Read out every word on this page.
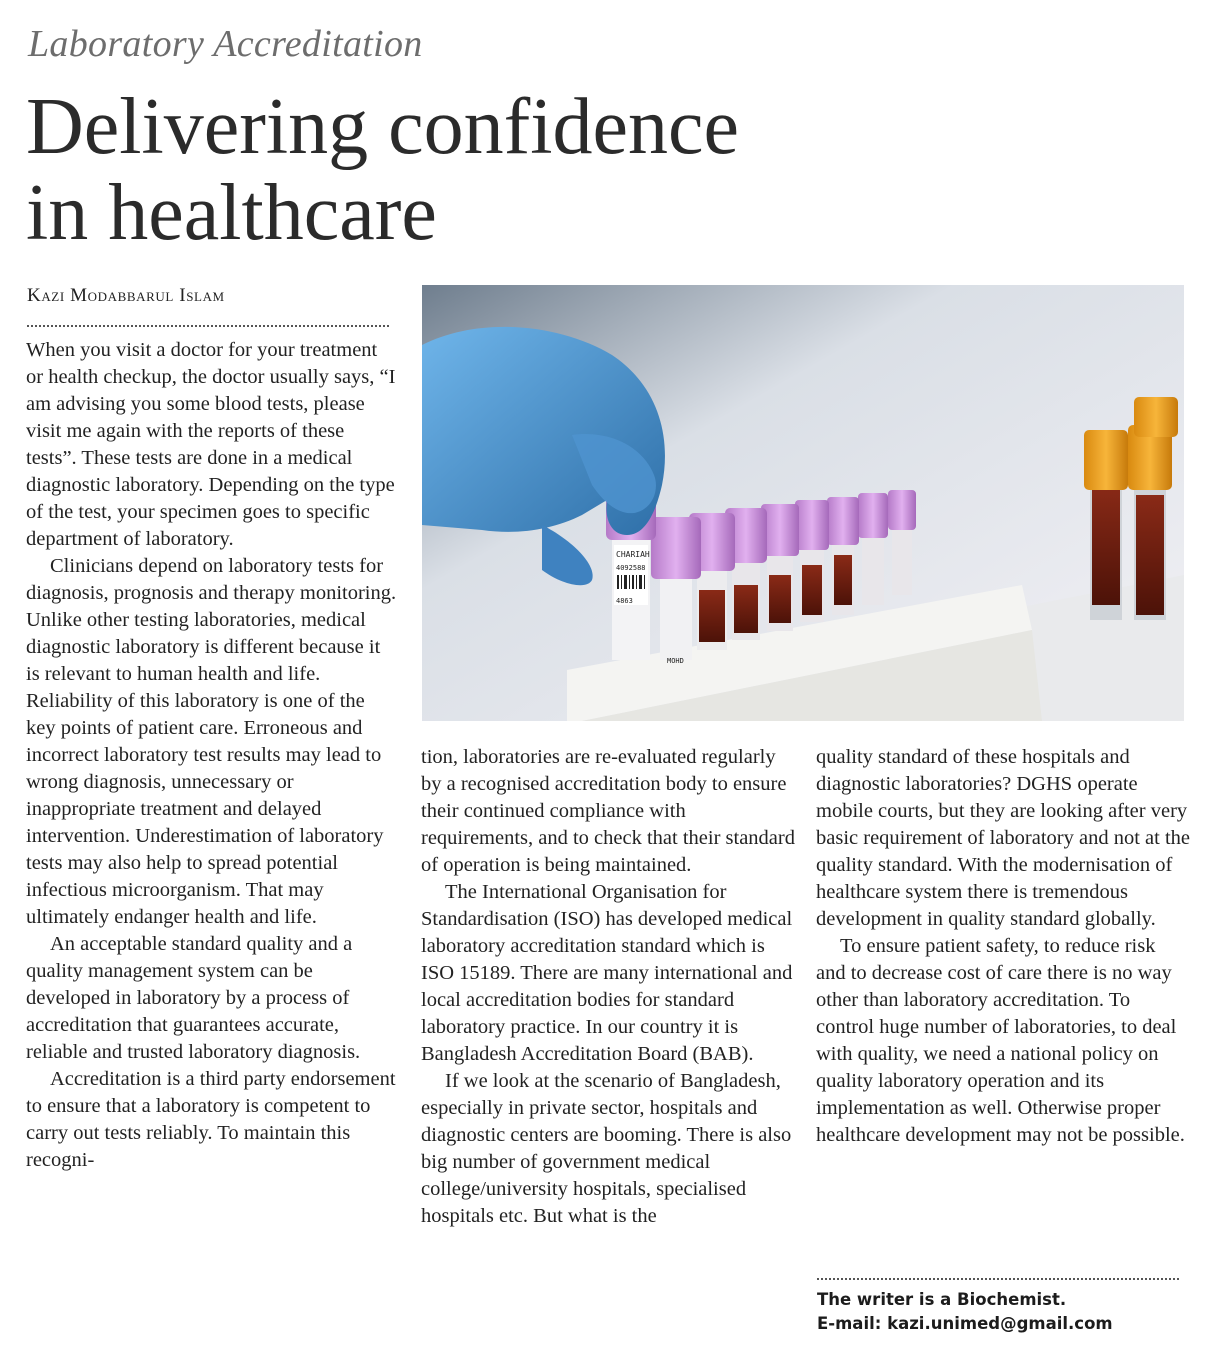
Laboratory Accreditation
Delivering confidence
in healthcare
Kazi Modabbarul Islam
CHARIAH
4092588
4863
MOHD

When you visit a doctor for your treatment or health checkup, the doctor usually says, “I am advising you some blood tests, please visit me again with the reports of these tests”. These tests are done in a medical diagnostic laboratory. Depending on the type of the test, your specimen goes to specific department of laboratory.

Clinicians depend on laboratory tests for diagnosis, prognosis and therapy monitoring. Unlike other testing laboratories, medical diagnostic laboratory is different because it is relevant to human health and life. Reliability of this laboratory is one of the key points of patient care. Erroneous and incorrect laboratory test results may lead to wrong diagnosis, unnecessary or inappropriate treatment and delayed intervention. Underestimation of laboratory tests may also help to spread potential infectious microorganism. That may ultimately endanger health and life.

An acceptable standard quality and a quality management system can be developed in laboratory by a process of accreditation that guarantees accurate, reliable and trusted laboratory diagnosis.

Accreditation is a third party endorsement to ensure that a laboratory is competent to carry out tests reliably. To maintain this recogni-

tion, laboratories are re-evaluated regularly by a recognised accreditation body to ensure their continued compliance with requirements, and to check that their standard of operation is being maintained.

The International Organisation for Standardisation (ISO) has developed medical laboratory accreditation standard which is ISO 15189. There are many international and local accreditation bodies for standard laboratory practice. In our country it is Bangladesh Accreditation Board (BAB).

If we look at the scenario of Bangladesh, especially in private sector, hospitals and diagnostic centers are booming. There is also big number of government medical college/university hospitals, specialised hospitals etc. But what is the

quality standard of these hospitals and diagnostic laboratories? DGHS operate mobile courts, but they are looking after very basic requirement of laboratory and not at the quality standard. With the modernisation of healthcare system there is tremendous development in quality standard globally.

To ensure patient safety, to reduce risk and to decrease cost of care there is no way other than laboratory accreditation. To control huge number of laboratories, to deal with quality, we need a national policy on quality laboratory operation and its implementation as well. Otherwise proper healthcare development may not be possible.

The writer is a Biochemist.
E-mail: kazi.unimed@gmail.com
